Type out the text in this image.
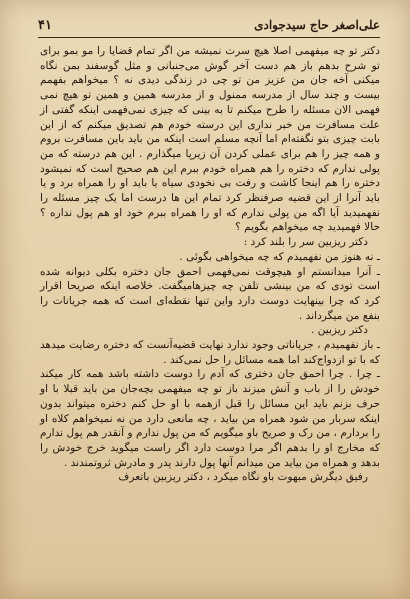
علی‌اصغر حاج سیدجوادی
۴۱

دکتر تو چه میفهمی اصلا هیچ سرت نمیشه من اگر تمام قضایا را مو بمو برای تو شرح بدهم باز هم دست آخر گوش می‌جنبانی و مثل گوسفند بمن نگاه میکنی آخه جان من عزیز من تو چی در زندگی دیدی نه ؟ میخواهم بفهمم بیست و چند سال از مدرسه ممنول و از مدرسه همین و همین تو هیچ نمی فهمی الان مسئله را طرح میکنم تا به بینی که چیزی نمی‌فهمی اینکه گفتی از علت مسافرت من خبر نداری این درسته خودم هم تصدیق میکنم که از این بابت چیزی بتو نگفته‌ام اما آنچه مسلم است اینکه من باید باین مسافرت بروم و همه چیز را هم برای عملی کردن آن زیرپا میگذارم . این هم درسته که من پولی ندارم که دختره را هم همراه خودم ببرم این هم صحیح است که نمیشود دختره را هم اینجا کاشت و رفت بی نخودی سیاه یا باید او را همراه برد و یا باید آنرا از این قضیه صرفنظر کرد تمام این ها درست اما یک چیز مسئله را نفهمیدید آیا اگه من پولی ندارم که او را همراه ببرم خود او هم پول نداره ؟ حالا فهمیدید چه میخواهم بگویم ؟

دکتر ریزبین سر را بلند کرد :

ـ نه هنوز من نفهمیدم که چه میخواهی بگوئی .

ـ آنرا میدانستم او هیچوقت نمی‌فهمی احمق جان دختره بکلی دیوانه شده است تودی که من بینشی تلفن چه چیزهامیگفت. خلاصه اینکه صریحا اقرار کرد که چرا بینهایت دوست دارد واین تنها نقطه‌ای است که همه جریانات را بنفع من میگرداند .

دکتر ریزبین .

ـ باز نفهمیدم ، جریاناتی وجود ندارد نهایت قضیه‌آنست که دختره رضایت میدهد که با تو ازدواج‌کند اما همه مسائل را حل نمی‌کند .

ـ چرا . چرا احمق جان دختری که آدم را دوست داشته باشد همه کار میکند خودش را از باب و آنش میزند باز تو چه میفهمی بچه‌جان من باید قبلا با او حرف بزنم باید این مسائل را قبل ازهمه با او حل کنم دختره میتواند بدون اینکه سربار من شود همراه من بیاید ، چه مانعی دارد من نه نمیخواهم کلاه او را بردارم ، من رک و صریح باو میگویم که من پول ندارم و آنقدر هم پول ندارم که مخارج او را بدهم اگر مرا دوست دارد اگر راست میگوید خرج خودش را بدهد و همراه من بیاید من میدانم آنها پول دارند پدر و مادرش ثروتمندند .

رفیق دیگرش مبهوت باو نگاه میکرد ، دکتر ریزبین باتعرف
